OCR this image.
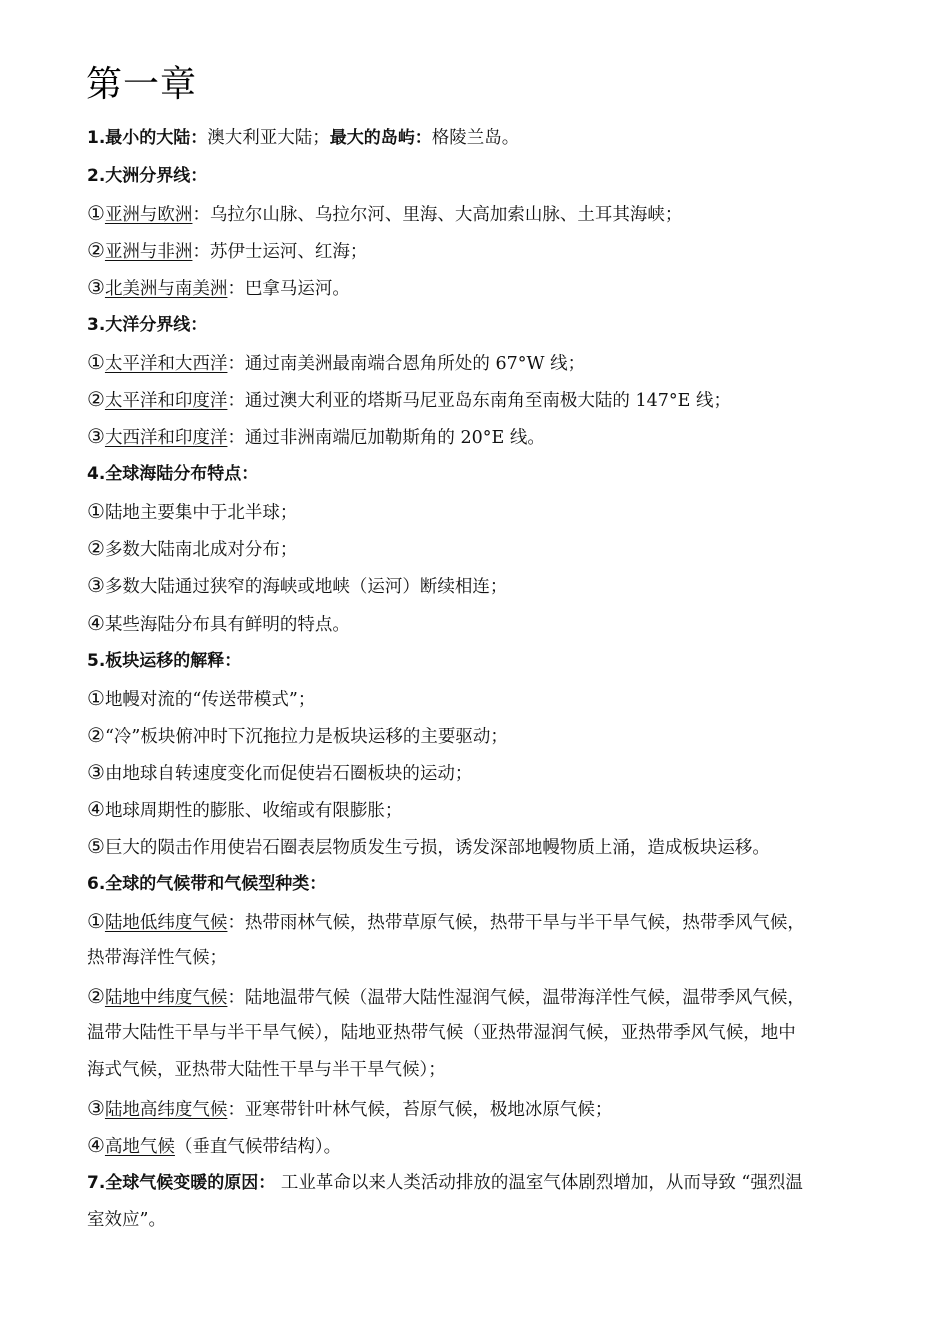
第一章
1.最小的大陆：澳大利亚大陆；最大的岛屿：格陵兰岛。
2.大洲分界线：
①亚洲与欧洲：乌拉尔山脉、乌拉尔河、里海、大高加索山脉、土耳其海峡；
②亚洲与非洲：苏伊士运河、红海；
③北美洲与南美洲：巴拿马运河。
3.大洋分界线：
①太平洋和大西洋：通过南美洲最南端合恩角所处的 67°W 线；
②太平洋和印度洋：通过澳大利亚的塔斯马尼亚岛东南角至南极大陆的 147°E 线；
③大西洋和印度洋：通过非洲南端厄加勒斯角的 20°E 线。
4.全球海陆分布特点：
①陆地主要集中于北半球；
②多数大陆南北成对分布；
③多数大陆通过狭窄的海峡或地峡（运河）断续相连；
④某些海陆分布具有鲜明的特点。
5.板块运移的解释：
①地幔对流的“传送带模式”；
②“冷”板块俯冲时下沉拖拉力是板块运移的主要驱动；
③由地球自转速度变化而促使岩石圈板块的运动；
④地球周期性的膨胀、收缩或有限膨胀；
⑤巨大的陨击作用使岩石圈表层物质发生亏损，诱发深部地幔物质上涌，造成板块运移。
6.全球的气候带和气候型种类：
①陆地低纬度气候：热带雨林气候，热带草原气候，热带干旱与半干旱气候，热带季风气候，
热带海洋性气候；
②陆地中纬度气候：陆地温带气候（温带大陆性湿润气候，温带海洋性气候，温带季风气候，
温带大陆性干旱与半干旱气候），陆地亚热带气候（亚热带湿润气候，亚热带季风气候，地中
海式气候，亚热带大陆性干旱与半干旱气候）；
③陆地高纬度气候：亚寒带针叶林气候，苔原气候，极地冰原气候；
④高地气候（垂直气候带结构）。
7.全球气候变暖的原因： 工业革命以来人类活动排放的温室气体剧烈增加，从而导致 “强烈温
室效应”。
